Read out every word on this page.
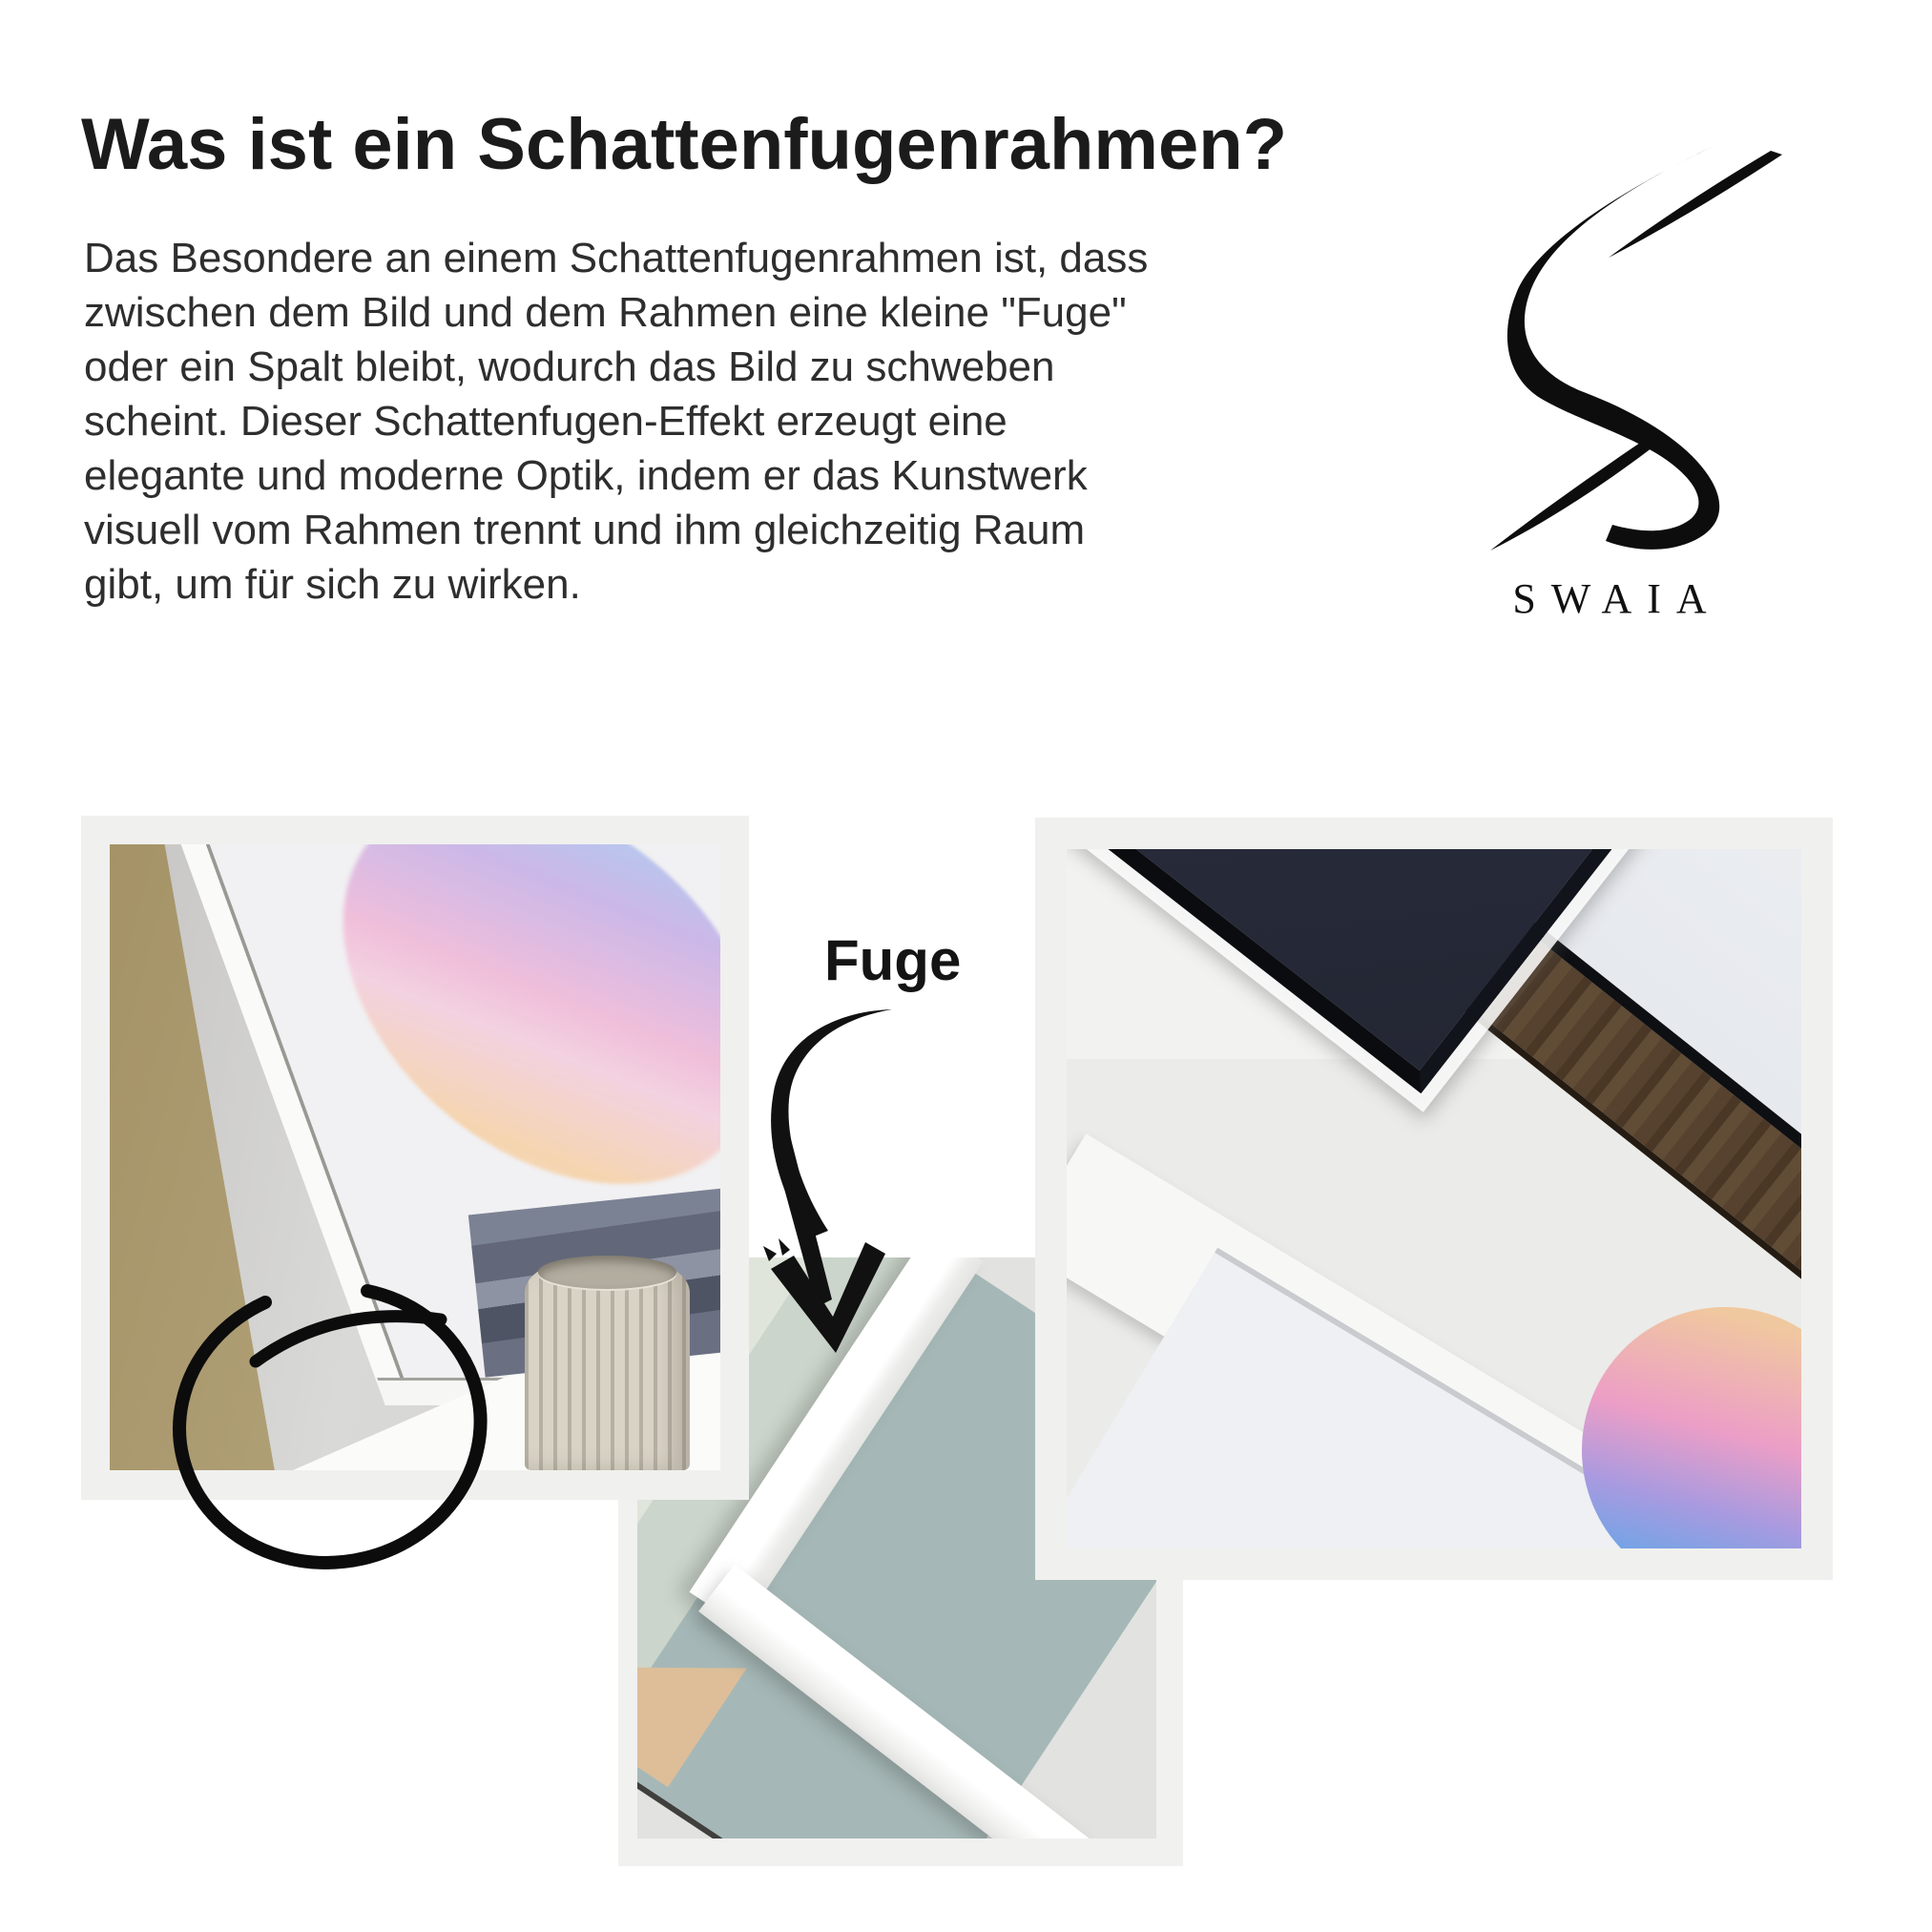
Was ist ein Schattenfugenrahmen?
Das Besondere an einem Schattenfugenrahmen ist, dass
zwischen dem Bild und dem Rahmen eine kleine "Fuge"
oder ein Spalt bleibt, wodurch das Bild zu schweben
scheint. Dieser Schattenfugen-Effekt erzeugt eine
elegante und moderne Optik, indem er das Kunstwerk
visuell vom Rahmen trennt und ihm gleichzeitig Raum
gibt, um für sich zu wirken.	SWAIA
Fuge
